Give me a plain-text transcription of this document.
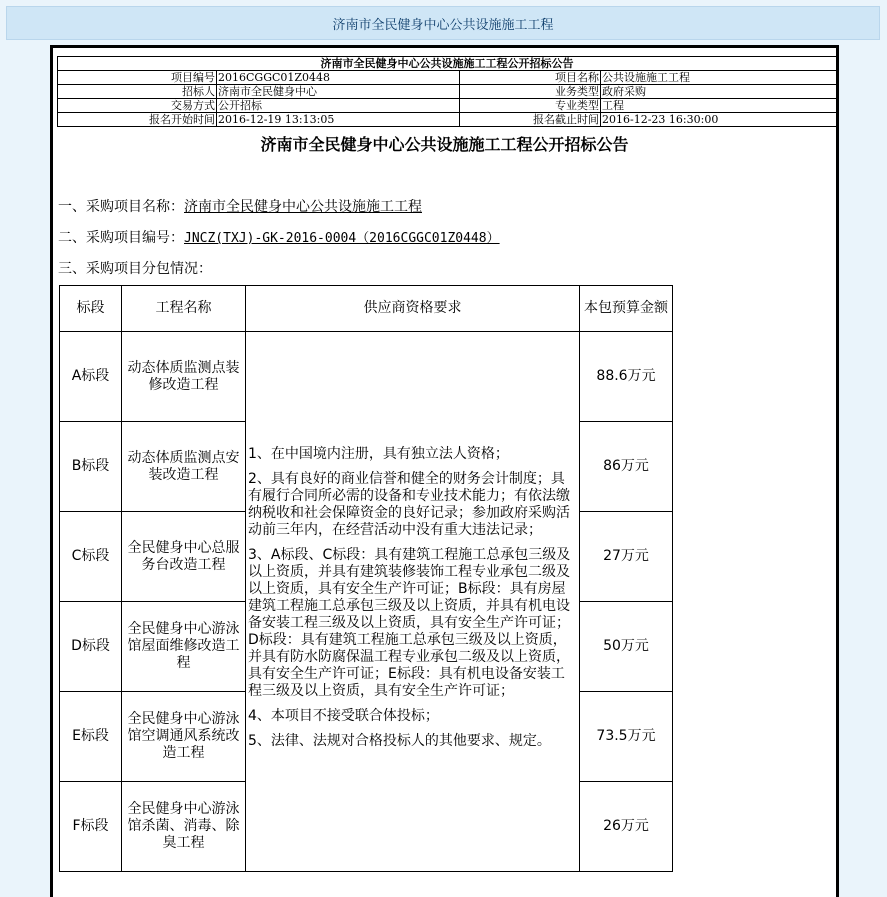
济南市全民健身中心公共设施施工工程
济南市全民健身中心公共设施施工工程公开招标公告			
项目编号	2016CGGC01Z0448	项目名称	公共设施施工工程
招标人	济南市全民健身中心	业务类型	政府采购
交易方式	公开招标	专业类型	工程
报名开始时间	2016-12-19 13:13:05	报名截止时间	2016-12-23 16:30:00
济南市全民健身中心公共设施施工工程公开招标公告
一、采购项目名称：济南市全民健身中心公共设施施工工程
二、采购项目编号：JNCZ(TXJ)-GK-2016-0004（2016CGGC01Z0448）
三、采购项目分包情况：
标段	工程名称	供应商资格要求	本包预算金额
A标段	动态体质监测点装修改造工程	1、在中国境内注册，具有独立法人资格；

2、具有良好的商业信誉和健全的财务会计制度；具有履行合同所必需的设备和专业技术能力；有依法缴纳税收和社会保障资金的良好记录；参加政府采购活动前三年内，在经营活动中没有重大违法记录；

3、A标段、C标段：具有建筑工程施工总承包三级及以上资质，并具有建筑装修装饰工程专业承包二级及以上资质，具有安全生产许可证；B标段：具有房屋建筑工程施工总承包三级及以上资质，并具有机电设备安装工程三级及以上资质，具有安全生产许可证；D标段：具有建筑工程施工总承包三级及以上资质，并具有防水防腐保温工程专业承包二级及以上资质，具有安全生产许可证；E标段：具有机电设备安装工程三级及以上资质，具有安全生产许可证；

4、本项目不接受联合体投标；

5、法律、法规对合格投标人的其他要求、规定。	88.6万元
B标段	动态体质监测点安装改造工程		86万元
C标段	全民健身中心总服务台改造工程		27万元
D标段	全民健身中心游泳馆屋面维修改造工程		50万元
E标段	全民健身中心游泳馆空调通风系统改造工程		73.5万元
F标段	全民健身中心游泳馆杀菌、消毒、除臭工程		26万元
